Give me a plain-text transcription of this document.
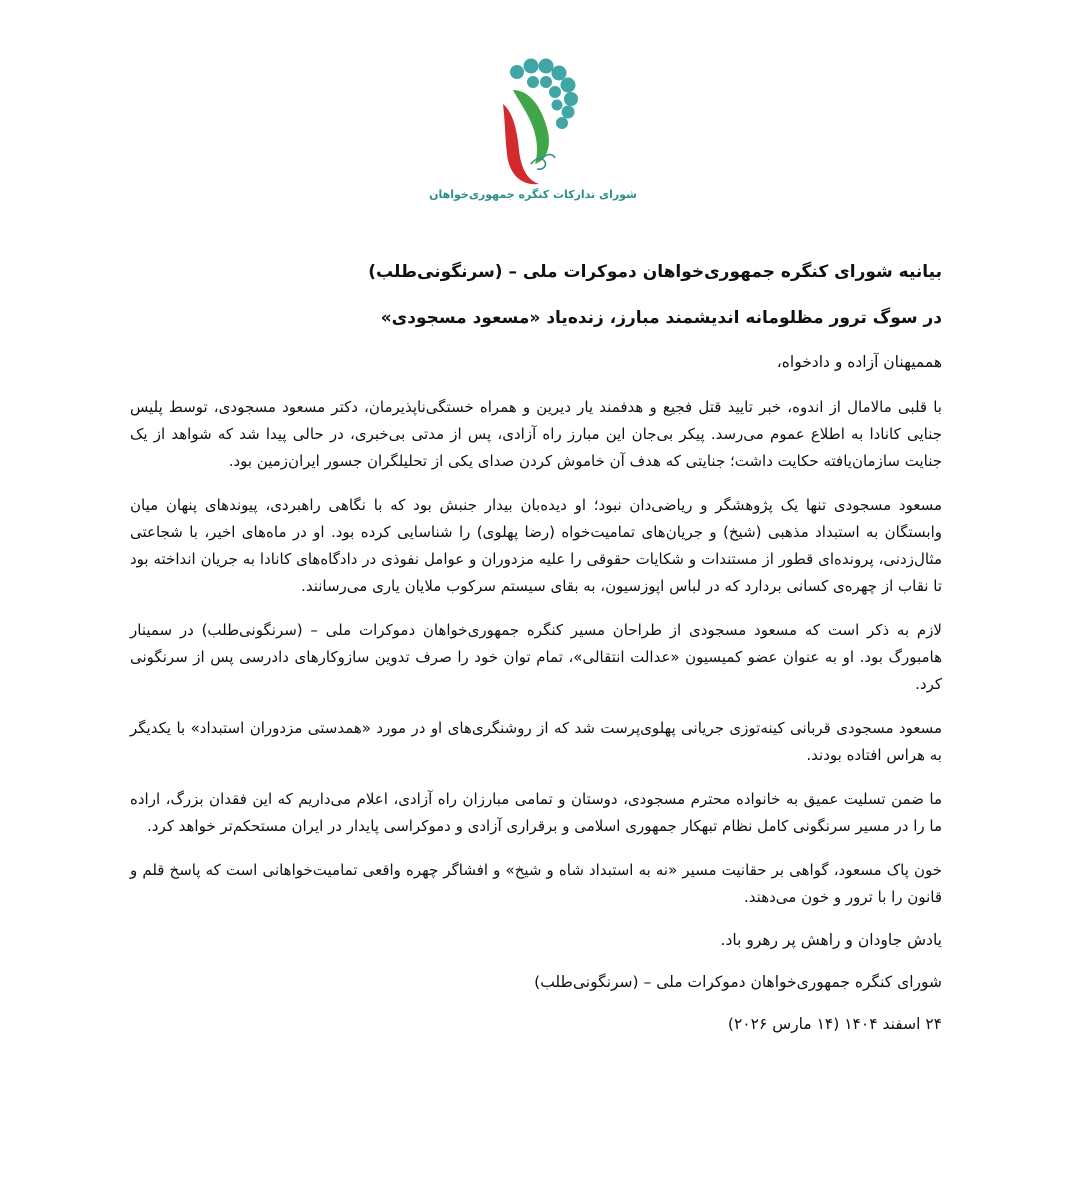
شورای تدارکات کنگره جمهوری‌خواهان
بیانیه شورای کنگره جمهوری‌خواهان دموکرات ملی – (سرنگونی‌طلب)
در سوگ ترور مظلومانه اندیشمند مبارز، زنده‌یاد «مسعود مسجودی»
هممیهنان آزاده و دادخواه،

با قلبی مالامال از اندوه، خبر تایید قتل فجیع و هدفمند یار دیرین و همراه خستگی‌ناپذیرمان، دکتر مسعود مسجودی، توسط پلیس جنایی کانادا به اطلاع عموم می‌رسد. پیکر بی‌جان این مبارز راه آزادی، پس از مدتی بی‌خبری، در حالی پیدا شد که شواهد از یک جنایت سازمان‌یافته حکایت داشت؛ جنایتی که هدف آن خاموش کردن صدای یکی از تحلیلگران جسور ایران‌زمین بود.

مسعود مسجودی تنها یک پژوهشگر و ریاضی‌دان نبود؛ او دیده‌بان بیدار جنبش بود که با نگاهی راهبردی، پیوندهای پنهان میان وابستگان به استبداد مذهبی (شیخ) و جریان‌های تمامیت‌خواه (رضا پهلوی) را شناسایی کرده بود. او در ماه‌های اخیر، با شجاعتی مثال‌زدنی، پرونده‌ای قطور از مستندات و شکایات حقوقی را علیه مزدوران و عوامل نفوذی در دادگاه‌های کانادا به جریان انداخته بود تا نقاب از چهره‌ی کسانی بردارد که در لباس اپوزسیون، به بقای سیستم سرکوب ملایان یاری می‌رسانند.

لازم به ذکر است که مسعود مسجودی از طراحان مسیر کنگره جمهوری‌خواهان دموکرات ملی – (سرنگونی‌طلب) در سمینار هامبورگ بود. او به عنوان عضو کمیسیون «عدالت انتقالی»، تمام توان خود را صرف تدوین سازوکارهای دادرسی پس از سرنگونی کرد.

مسعود مسجودی قربانی کینه‌توزی جریانی پهلوی‌پرست شد که از روشنگری‌های او در مورد «همدستی مزدوران استبداد» با یکدیگر به هراس افتاده بودند.

ما ضمن تسلیت عمیق به خانواده محترم مسجودی، دوستان و تمامی مبارزان راه آزادی، اعلام می‌داریم که این فقدان بزرگ، اراده ما را در مسیر سرنگونی کامل نظام تبهکار جمهوری اسلامی و برقراری آزادی و دموکراسی پایدار در ایران مستحکم‌تر خواهد کرد.

خون پاک مسعود، گواهی بر حقانیت مسیر «نه به استبداد شاه و شیخ» و افشاگر چهره واقعی تمامیت‌خواهانی است که پاسخ قلم و قانون را با ترور و خون می‌دهند.

یادش جاودان و راهش پر رهرو باد.
شورای کنگره جمهوری‌خواهان دموکرات ملی – (سرنگونی‌طلب)
۲۴ اسفند ۱۴۰۴ (۱۴ مارس ۲۰۲۶)
